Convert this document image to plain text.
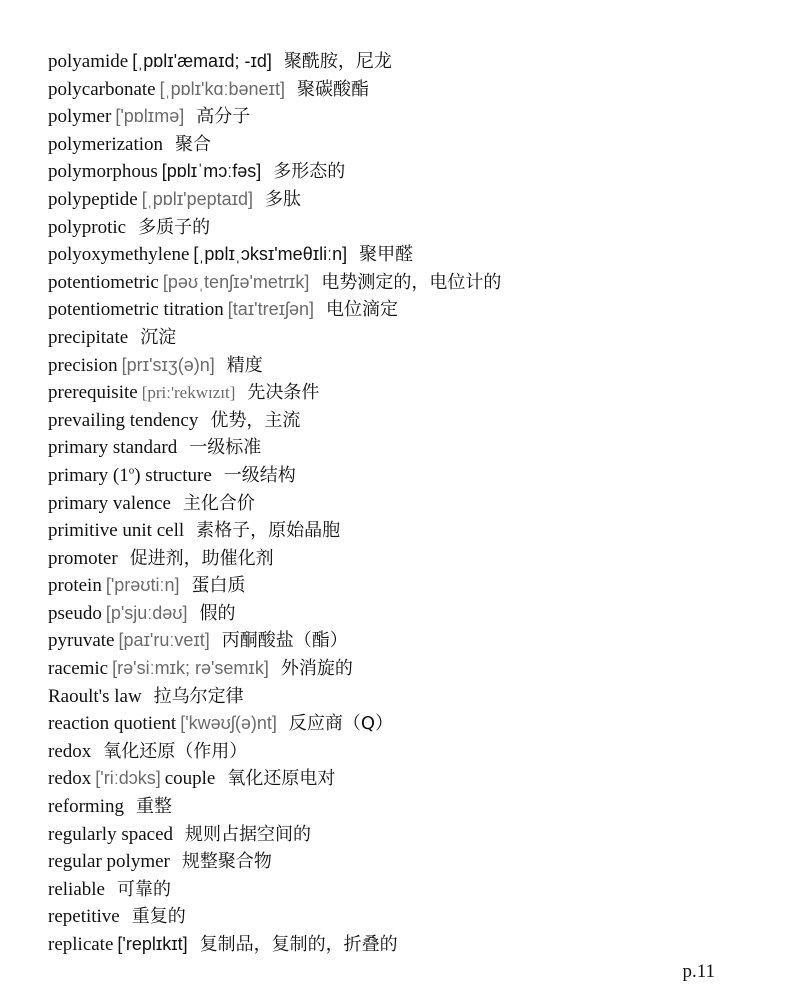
polyamide [ˌpɒlɪ'æmaɪd; -ɪd] 聚酰胺，尼龙
polycarbonate [ˌpɒlɪ'kɑːbəneɪt] 聚碳酸酯
polymer ['pɒlɪmə] 高分子
polymerization 聚合
polymorphous [pɒlɪˈmɔːfəs] 多形态的
polypeptide [ˌpɒlɪ'peptaɪd] 多肽
polyprotic 多质子的
polyoxymethylene [ˌpɒlɪˌɔksɪ'meθɪliːn] 聚甲醛
potentiometric [pəʊˌtenʃɪə'metrɪk] 电势测定的，电位计的
potentiometric titration [taɪ'treɪʃən] 电位滴定
precipitate 沉淀
precision [prɪ'sɪʒ(ə)n] 精度
prerequisite [priː'rekwɪzɪt] 先决条件
prevailing tendency 优势，主流
primary standard 一级标准
primary (1$^o$) structure 一级结构
primary valence 主化合价
primitive unit cell 素格子，原始晶胞
promoter 促进剂，助催化剂
protein ['prəʊtiːn] 蛋白质
pseudo [p'sjuːdəʊ] 假的
pyruvate [paɪ'ruːveɪt] 丙酮酸盐（酯）
racemic [rə'siːmɪk; rə'semɪk] 外消旋的
Raoult's law 拉乌尔定律
reaction quotient ['kwəʊʃ(ə)nt] 反应商（Q）
redox 氧化还原（作用）
redox ['riːdɔks] couple 氧化还原电对
reforming 重整
regularly spaced 规则占据空间的
regular polymer 规整聚合物
reliable 可靠的
repetitive 重复的
replicate ['replɪkɪt] 复制品，复制的，折叠的
p.11
